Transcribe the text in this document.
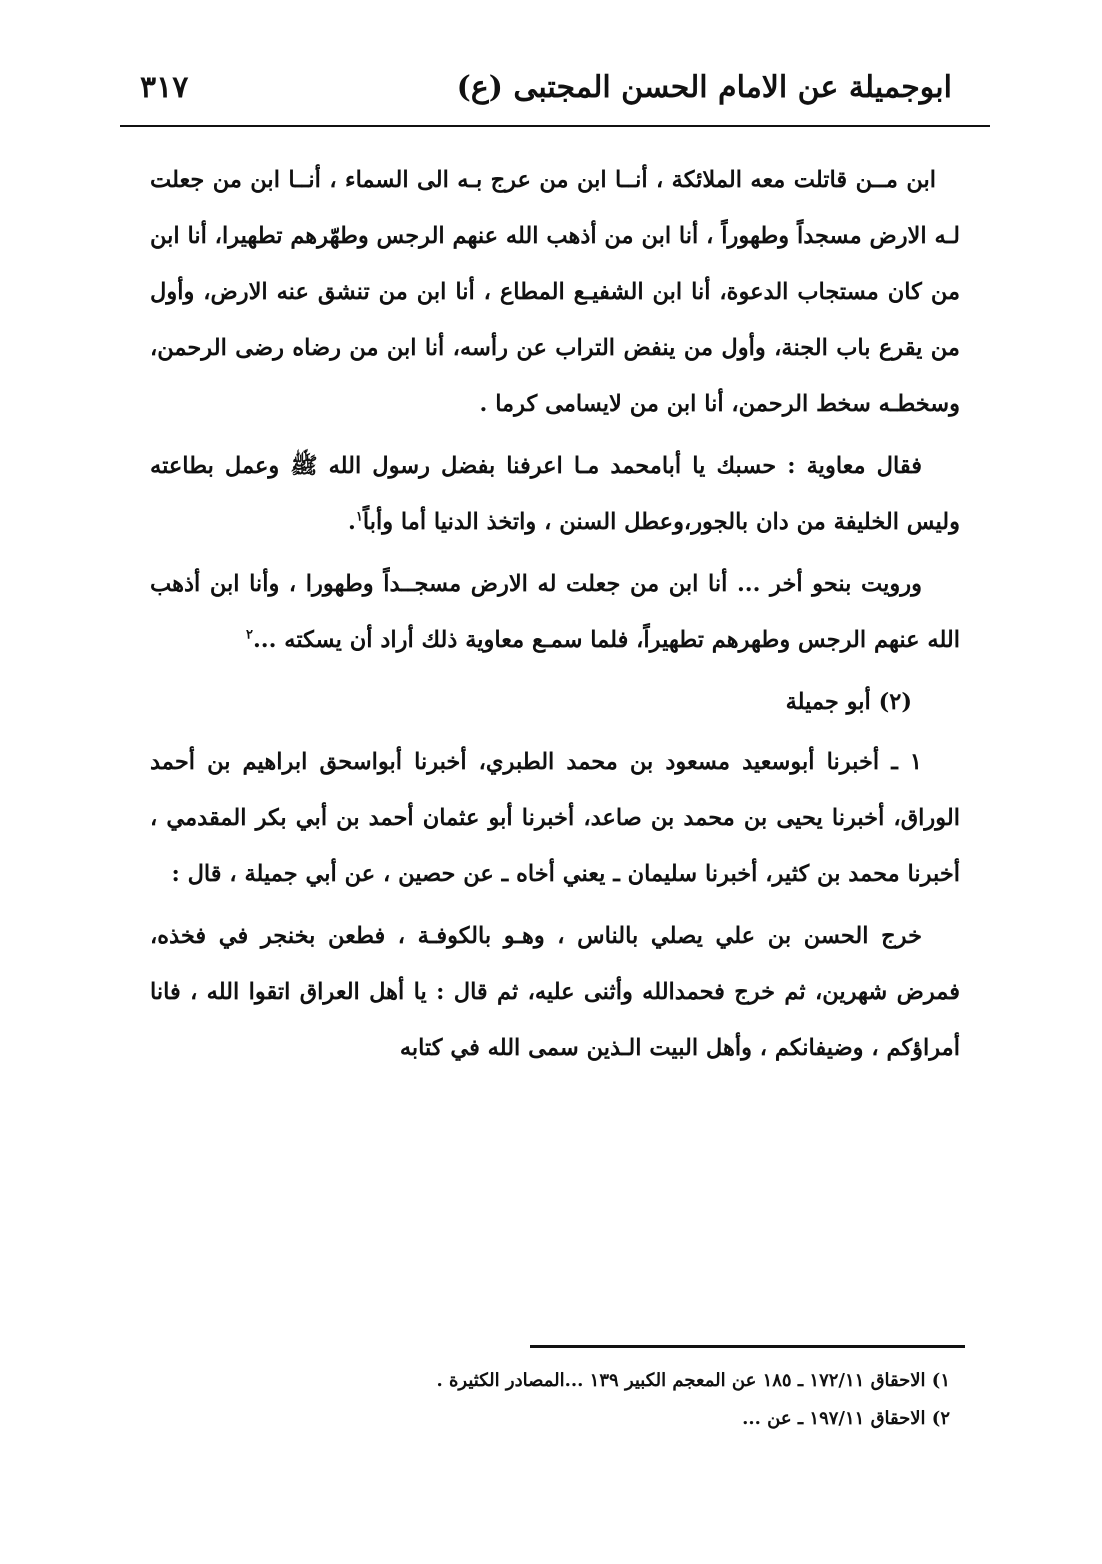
ابوجميلة عن الامام الحسن المجتبى (ع)
٣١٧

ابن مــن قاتلت معه الملائكة ، أنــا ابن من عرج بـه الى السماء ، أنــا ابن من جعلت لـه الارض مسجداً وطهوراً ، أنا ابن من أذهب الله عنهم الرجس وطهّرهم تطهيرا، أنا ابن من كان مستجاب الدعوة، أنا ابن الشفيـع المطاع ، أنا ابن من تنشق عنه الارض، وأول من يقرع باب الجنة، وأول من ينفض التراب عن رأسه، أنا ابن من رضاه رضى الرحمن، وسخطـه سخط الرحمن، أنا ابن من لايسامى كرما .

فقال معاوية : حسبك يا أبامحمد مـا اعرفنا بفضل رسول الله ﷺ وعمل بطاعته وليس الخليفة من دان بالجور،وعطل السنن ، واتخذ الدنيا أما وأباً$^١$.

ورويت بنحو أخر ... أنا ابن من جعلت له الارض مسجــداً وطهورا ، وأنا ابن أذهب الله عنهم الرجس وطهرهم تطهيراً، فلما سمـع معاوية ذلك أراد أن يسكته ...$^٢$

(٢) أبو جميلة

١ ـ أخبرنا أبوسعيد مسعود بن محمد الطبري، أخبرنا أبواسحق ابراهيم بن أحمد الوراق، أخبرنا يحيى بن محمد بن صاعد، أخبرنا أبو عثمان أحمد بن أبي بكر المقدمي ، أخبرنا محمد بن كثير، أخبرنا سليمان ـ يعني أخاه ـ عن حصين ، عن أبي جميلة ، قال :

خرج الحسن بن علي يصلي بالناس ، وهـو بالكوفـة ، فطعن بخنجر في فخذه، فمرض شهرين، ثم خرج فحمدالله وأثنى عليه، ثم قال : يا أهل العراق اتقوا الله ، فانا أمراؤكم ، وضيفانكم ، وأهل البيت الـذين سمى الله في كتابه

١) الاحقاق ١٧٢/١١ ـ ١٨٥ عن المعجم الكبير ١٣٩ ...المصادر الكثيرة .
٢) الاحقاق ١٩٧/١١ ـ عن ...
